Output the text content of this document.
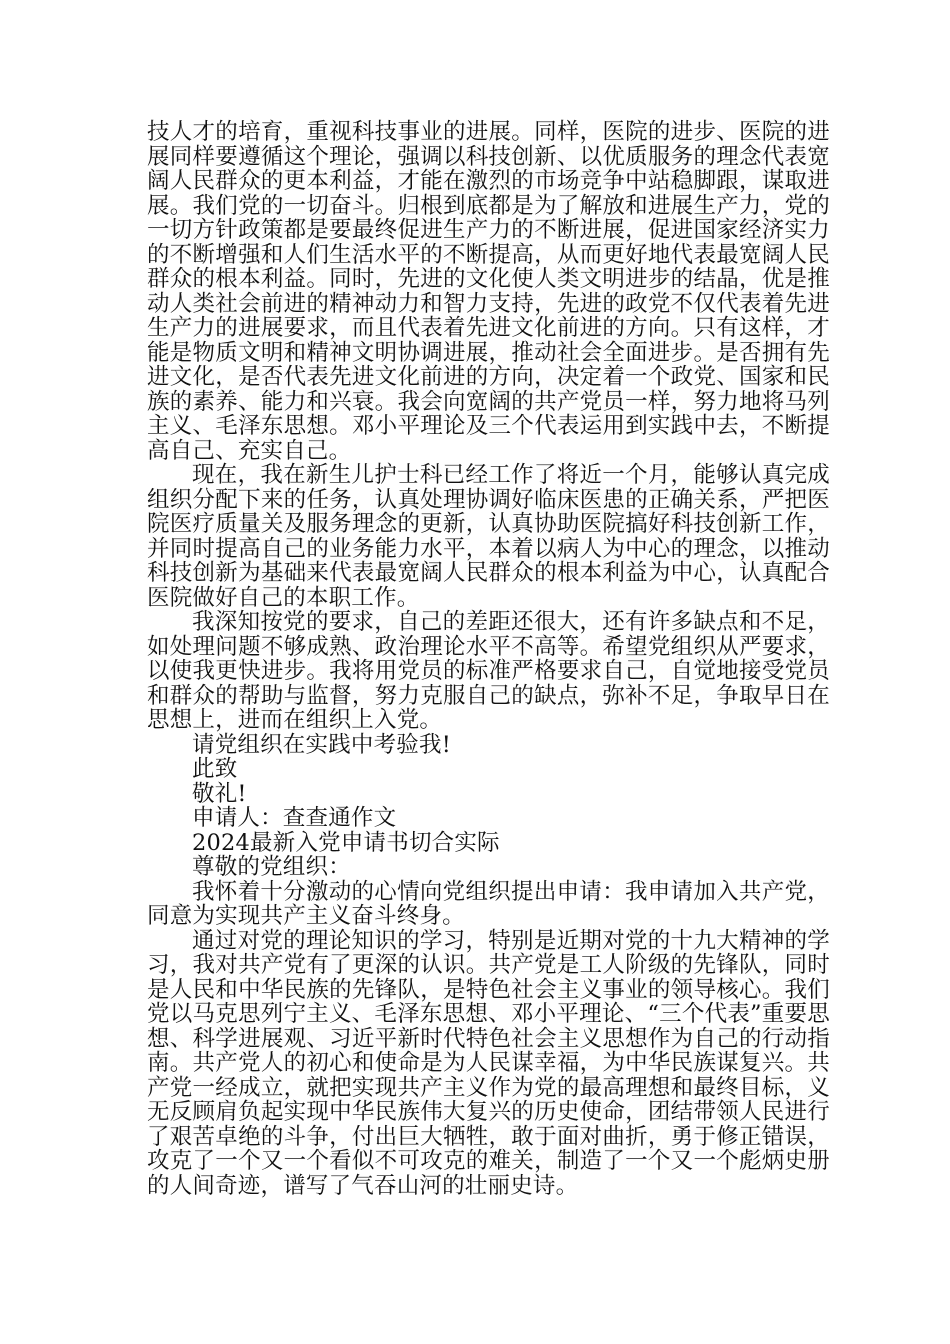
技人才的培育，重视科技事业的进展。同样，医院的进步、医院的进展同样要遵循这个理论，强调以科技创新、以优质服务的理念代表宽阔人民群众的更本利益，才能在激烈的市场竞争中站稳脚跟，谋取进展。我们党的一切奋斗。归根到底都是为了解放和进展生产力，党的一切方针政策都是要最终促进生产力的不断进展，促进国家经济实力的不断增强和人们生活水平的不断提高，从而更好地代表最宽阔人民群众的根本利益。同时，先进的文化使人类文明进步的结晶，优是推动人类社会前进的精神动力和智力支持，先进的政党不仅代表着先进生产力的进展要求，而且代表着先进文化前进的方向。只有这样，才能是物质文明和精神文明协调进展，推动社会全面进步。是否拥有先进文化，是否代表先进文化前进的方向，决定着一个政党、国家和民族的素养、能力和兴衰。我会向宽阔的共产党员一样，努力地将马列主义、毛泽东思想。邓小平理论及三个代表运用到实践中去，不断提高自己、充实自己。

现在，我在新生儿护士科已经工作了将近一个月，能够认真完成组织分配下来的任务，认真处理协调好临床医患的正确关系，严把医院医疗质量关及服务理念的更新，认真协助医院搞好科技创新工作，并同时提高自己的业务能力水平，本着以病人为中心的理念，以推动科技创新为基础来代表最宽阔人民群众的根本利益为中心，认真配合医院做好自己的本职工作。

我深知按党的要求，自己的差距还很大，还有许多缺点和不足，如处理问题不够成熟、政治理论水平不高等。希望党组织从严要求，以使我更快进步。我将用党员的标准严格要求自己，自觉地接受党员和群众的帮助与监督，努力克服自己的缺点，弥补不足，争取早日在思想上，进而在组织上入党。

请党组织在实践中考验我!

此致

敬礼!

申请人：查查通作文

2024最新入党申请书切合实际

尊敬的党组织：

我怀着十分激动的心情向党组织提出申请：我申请加入共产党，同意为实现共产主义奋斗终身。

通过对党的理论知识的学习，特别是近期对党的十九大精神的学习，我对共产党有了更深的认识。共产党是工人阶级的先锋队，同时是人民和中华民族的先锋队，是特色社会主义事业的领导核心。我们党以马克思列宁主义、毛泽东思想、邓小平理论、“三个代表”重要思想、科学进展观、习近平新时代特色社会主义思想作为自己的行动指南。共产党人的初心和使命是为人民谋幸福，为中华民族谋复兴。共产党一经成立，就把实现共产主义作为党的最高理想和最终目标，义无反顾肩负起实现中华民族伟大复兴的历史使命，团结带领人民进行了艰苦卓绝的斗争，付出巨大牺牲，敢于面对曲折，勇于修正错误，攻克了一个又一个看似不可攻克的难关，制造了一个又一个彪炳史册的人间奇迹，谱写了气吞山河的壮丽史诗。
